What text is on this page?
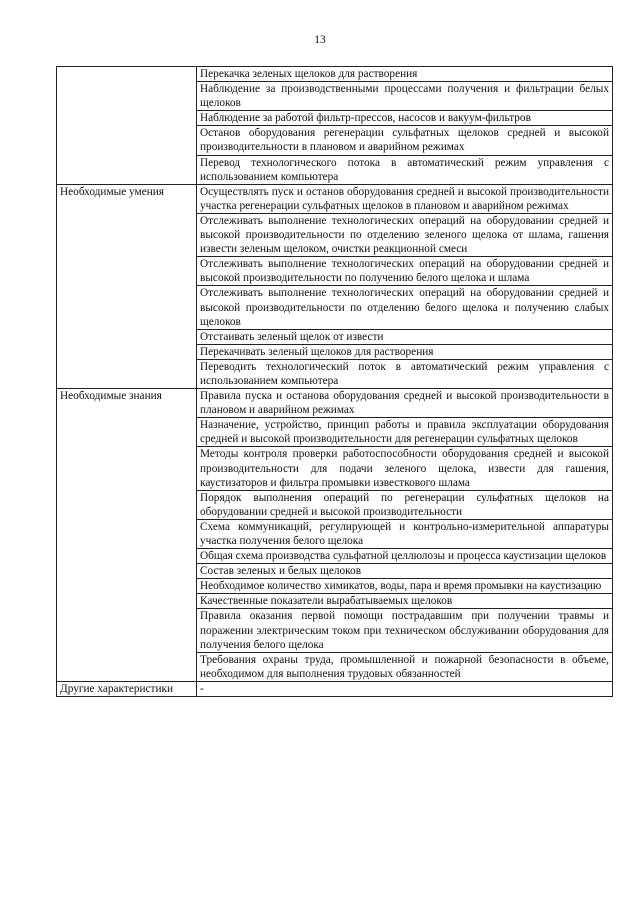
13
	Перекачка зеленых щелоков для растворения
	Наблюдение за производственными процессами получения и фильтрации белых щелоков
	Наблюдение за работой фильтр-прессов, насосов и вакуум-фильтров
	Останов оборудования регенерации сульфатных щелоков средней и высокой производительности в плановом и аварийном режимах
	Перевод технологического потока в автоматический режим управления с использованием компьютера
Необходимые умения	Осуществлять пуск и останов оборудования средней и высокой производительности участка регенерации сульфатных щелоков в плановом и аварийном режимах
	Отслеживать выполнение технологических операций на оборудовании средней и высокой производительности по отделению зеленого щелока от шлама, гашения извести зеленым щелоком, очистки реакционной смеси
	Отслеживать выполнение технологических операций на оборудовании средней и высокой производительности по получению белого щелока и шлама
	Отслеживать выполнение технологических операций на оборудовании средней и высокой производительности по отделению белого щелока и получению слабых щелоков
	Отстаивать зеленый щелок от извести
	Перекачивать зеленый щелоков для растворения
	Переводить технологический поток в автоматический режим управления с использованием компьютера
Необходимые знания	Правила пуска и останова оборудования средней и высокой производительности в плановом и аварийном режимах
	Назначение, устройство, принцип работы и правила эксплуатации оборудования средней и высокой производительности для регенерации сульфатных щелоков
	Методы контроля проверки работоспособности оборудования средней и высокой производительности для подачи зеленого щелока, извести для гашения, каустизаторов и фильтра промывки известкового шлама
	Порядок выполнения операций по регенерации сульфатных щелоков на оборудовании средней и высокой производительности
	Схема коммуникаций, регулирующей и контрольно-измерительной аппаратуры участка получения белого щелока
	Общая схема производства сульфатной целлюлозы и процесса каустизации щелоков
	Состав зеленых и белых щелоков
	Необходимое количество химикатов, воды, пара и время промывки на каустизацию
	Качественные показатели вырабатываемых щелоков
	Правила оказания первой помощи пострадавшим при получении травмы и поражении электрическим током при техническом обслуживании оборудования для получения белого щелока
	Требования охраны труда, промышленной и пожарной безопасности в объеме, необходимом для выполнения трудовых обязанностей
Другие характеристики	-
